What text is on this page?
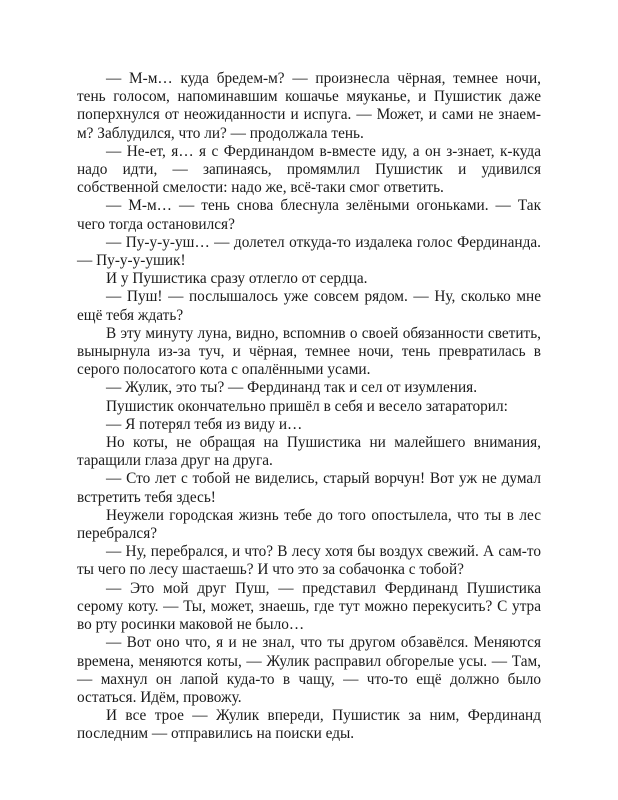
— М-м… куда бредем-м? — произнесла чёрная, темнее ночи, тень голосом, напоминавшим кошачье мяуканье, и Пушистик даже поперхнулся от неожиданности и испуга. — Может, и сами не знаем-м? Заблудился, что ли? — продолжала тень.

— Не-ет, я… я с Фердинандом в-вместе иду, а он з-знает, к-куда надо идти, — запинаясь, промямлил Пушистик и удивился собственной смелости: надо же, всё-таки смог ответить.

— М-м… — тень снова блеснула зелёными огоньками. — Так чего тогда остановился?

— Пу-у-у-уш… — долетел откуда-то издалека голос Фердинанда. — Пу-у-у-ушик!

И у Пушистика сразу отлегло от сердца.

— Пуш! — послышалось уже совсем рядом. — Ну, сколько мне ещё тебя ждать?

В эту минуту луна, видно, вспомнив о своей обязанности светить, вынырнула из-за туч, и чёрная, темнее ночи, тень превратилась в серого полосатого кота с опалёнными усами.

— Жулик, это ты? — Фердинанд так и сел от изумления.

Пушистик окончательно пришёл в себя и весело затараторил:

— Я потерял тебя из виду и…

Но коты, не обращая на Пушистика ни малейшего внимания, таращили глаза друг на друга.

— Сто лет с тобой не виделись, старый ворчун! Вот уж не думал встретить тебя здесь!

Неужели городская жизнь тебе до того опостылела, что ты в лес перебрался?

— Ну, перебрался, и что? В лесу хотя бы воздух свежий. А сам-то ты чего по лесу шастаешь? И что это за собачонка с тобой?

— Это мой друг Пуш, — представил Фердинанд Пушистика серому коту. — Ты, может, знаешь, где тут можно перекусить? С утра во рту росинки маковой не было…

— Вот оно что, я и не знал, что ты другом обзавёлся. Меняются времена, меняются коты, — Жулик расправил обгорелые усы. — Там, — махнул он лапой куда-то в чащу, — что-то ещё должно было остаться. Идём, провожу.

И все трое — Жулик впереди, Пушистик за ним, Фердинанд последним — отправились на поиски еды.
